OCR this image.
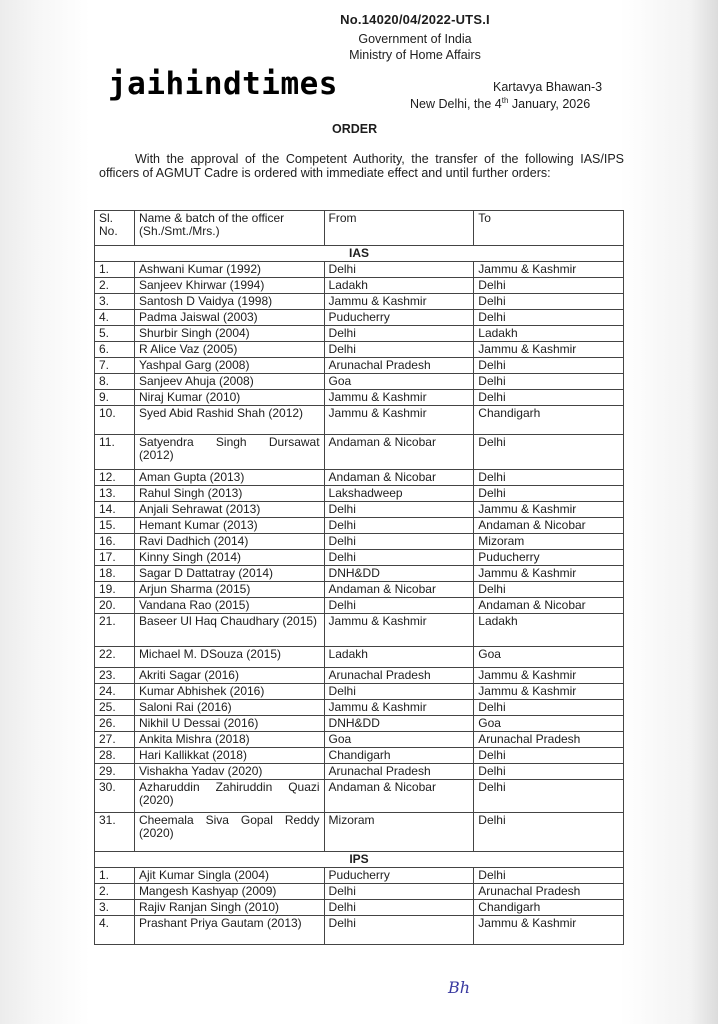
No.14020/04/2022-UTS.I
Government of India
Ministry of Home Affairs
jaihindtimes	Kartavya Bhawan-3
New Delhi, the 4th January, 2026
ORDER
With the approval of the Competent Authority, the transfer of the following IAS/IPS officers of AGMUT Cadre is ordered with immediate effect and until further orders:
Sl. No.	Name & batch of the officer (Sh./Smt./Mrs.)	From	To
IAS			
1.	Ashwani Kumar (1992)	Delhi	Jammu & Kashmir
2.	Sanjeev Khirwar (1994)	Ladakh	Delhi
3.	Santosh D Vaidya (1998)	Jammu & Kashmir	Delhi
4.	Padma Jaiswal (2003)	Puducherry	Delhi
5.	Shurbir Singh (2004)	Delhi	Ladakh
6.	R Alice Vaz (2005)	Delhi	Jammu & Kashmir
7.	Yashpal Garg (2008)	Arunachal Pradesh	Delhi
8.	Sanjeev Ahuja (2008)	Goa	Delhi
9.	Niraj Kumar (2010)	Jammu & Kashmir	Delhi
10.	Syed Abid Rashid Shah (2012)	Jammu & Kashmir	Chandigarh
11.	Satyendra Singh Dursawat (2012)	Andaman & Nicobar	Delhi
12.	Aman Gupta (2013)	Andaman & Nicobar	Delhi
13.	Rahul Singh (2013)	Lakshadweep	Delhi
14.	Anjali Sehrawat (2013)	Delhi	Jammu & Kashmir
15.	Hemant Kumar (2013)	Delhi	Andaman & Nicobar
16.	Ravi Dadhich (2014)	Delhi	Mizoram
17.	Kinny Singh (2014)	Delhi	Puducherry
18.	Sagar D Dattatray (2014)	DNH&DD	Jammu & Kashmir
19.	Arjun Sharma (2015)	Andaman & Nicobar	Delhi
20.	Vandana Rao (2015)	Delhi	Andaman & Nicobar
21.	Baseer Ul Haq Chaudhary (2015)	Jammu & Kashmir	Ladakh
22.	Michael M. DSouza (2015)	Ladakh	Goa
23.	Akriti Sagar (2016)	Arunachal Pradesh	Jammu & Kashmir
24.	Kumar Abhishek (2016)	Delhi	Jammu & Kashmir
25.	Saloni Rai (2016)	Jammu & Kashmir	Delhi
26.	Nikhil U Dessai (2016)	DNH&DD	Goa
27.	Ankita Mishra (2018)	Goa	Arunachal Pradesh
28.	Hari Kallikkat (2018)	Chandigarh	Delhi
29.	Vishakha Yadav (2020)	Arunachal Pradesh	Delhi
30.	Azharuddin Zahiruddin Quazi (2020)	Andaman & Nicobar	Delhi
31.	Cheemala Siva Gopal Reddy (2020)	Mizoram	Delhi
IPS			
1.	Ajit Kumar Singla (2004)	Puducherry	Delhi
2.	Mangesh Kashyap (2009)	Delhi	Arunachal Pradesh
3.	Rajiv Ranjan Singh (2010)	Delhi	Chandigarh
4.	Prashant Priya Gautam (2013)	Delhi	Jammu & Kashmir
Bh
